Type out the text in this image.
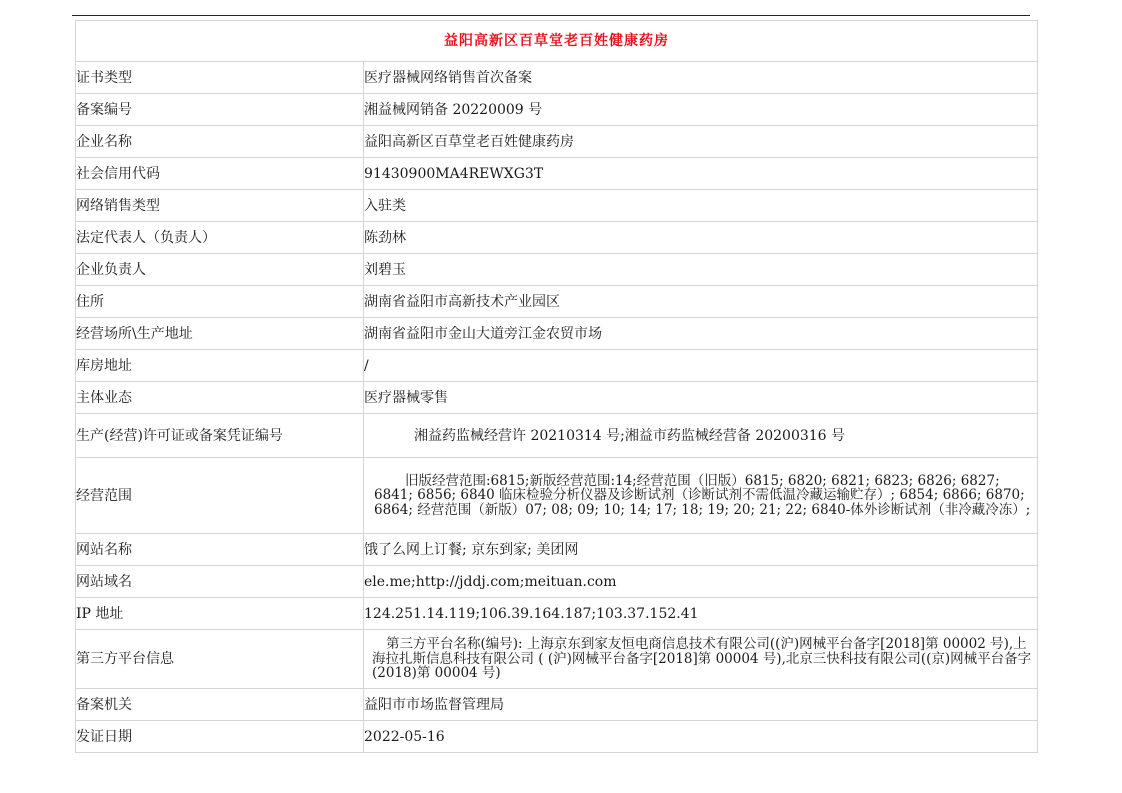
益阳高新区百草堂老百姓健康药房	
证书类型	医疗器械网络销售首次备案
备案编号	湘益械网销备 20220009 号
企业名称	益阳高新区百草堂老百姓健康药房
社会信用代码	91430900MA4REWXG3T
网络销售类型	入驻类
法定代表人（负责人）	陈劲林
企业负责人	刘碧玉
住所	湖南省益阳市高新技术产业园区
经营场所\生产地址	湖南省益阳市金山大道旁江金农贸市场
库房地址	/
主体业态	医疗器械零售
生产(经营)许可证或备案凭证编号	湘益药监械经营许 20210314 号;湘益市药监械经营备 20200316 号
经营范围	旧版经营范围:6815;新版经营范围:14;经营范围（旧版）6815; 6820; 6821; 6823; 6826; 6827; 6841; 6856; 6840 临床检验分析仪器及诊断试剂（诊断试剂不需低温冷藏运输贮存）; 6854; 6866; 6870; 6864; 经营范围（新版）07; 08; 09; 10; 14; 17; 18; 19; 20; 21; 22; 6840-体外诊断试剂（非冷藏冷冻）;

网站名称	饿了么网上订餐; 京东到家; 美团网
网站域名	ele.me;http://jddj.com;meituan.com
IP 地址	124.251.14.119;106.39.164.187;103.37.152.41
第三方平台信息	第三方平台名称(编号): 上海京东到家友恒电商信息技术有限公司((沪)网械平台备字[2018]第 00002 号),上海拉扎斯信息科技有限公司 ( (沪)网械平台备字[2018]第 00004 号),北京三快科技有限公司((京)网械平台备字(2018)第 00004 号)

备案机关	益阳市市场监督管理局
发证日期	2022-05-16
